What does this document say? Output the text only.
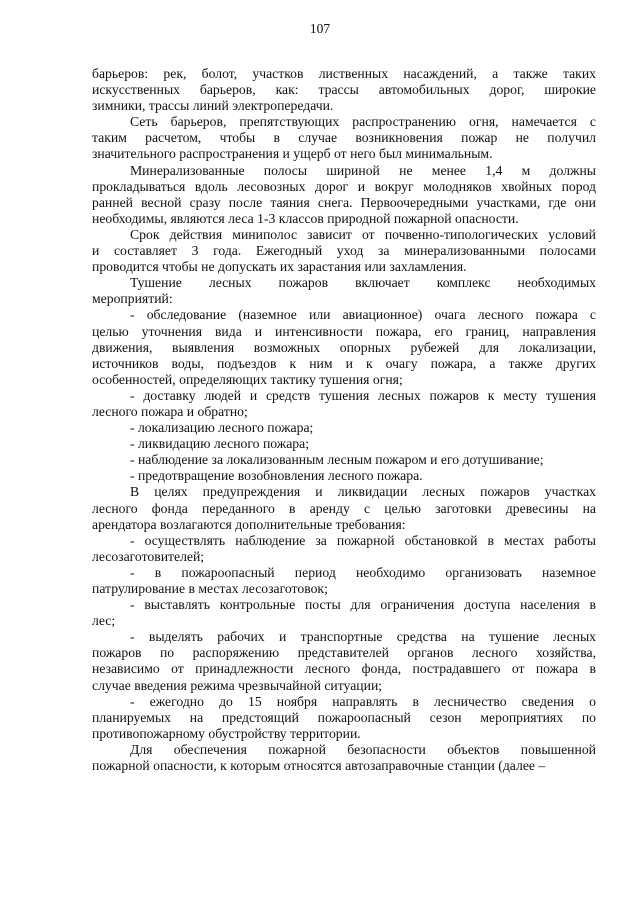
107
барьеров: рек, болот, участков лиственных насаждений, а также таких
искусственных барьеров, как: трассы автомобильных дорог, широкие
зимники, трассы линий электропередачи.
Сеть барьеров, препятствующих распространению огня, намечается с
таким расчетом, чтобы в случае возникновения пожар не получил
значительного распространения и ущерб от него был минимальным.
Минерализованные полосы шириной не менее 1,4 м должны
прокладываться вдоль лесовозных дорог и вокруг молодняков хвойных пород
ранней весной сразу после таяния снега. Первоочередными участками, где они
необходимы, являются леса 1-3 классов природной пожарной опасности.
Срок действия миниполос зависит от почвенно-типологических условий
и составляет 3 года. Ежегодный уход за минерализованными полосами
проводится чтобы не допускать их зарастания или захламления.
Тушение лесных пожаров включает комплекс необходимых
мероприятий:
- обследование (наземное или авиационное) очага лесного пожара с
целью уточнения вида и интенсивности пожара, его границ, направления
движения, выявления возможных опорных рубежей для локализации,
источников воды, подъездов к ним и к очагу пожара, а также других
особенностей, определяющих тактику тушения огня;
- доставку людей и средств тушения лесных пожаров к месту тушения
лесного пожара и обратно;
- локализацию лесного пожара;
- ликвидацию лесного пожара;
- наблюдение за локализованным лесным пожаром и его дотушивание;
- предотвращение возобновления лесного пожара.
В целях предупреждения и ликвидации лесных пожаров участках
лесного фонда переданного в аренду с целью заготовки древесины на
арендатора возлагаются дополнительные требования:
- осуществлять наблюдение за пожарной обстановкой в местах работы
лесозаготовителей;
- в пожароопасный период необходимо организовать наземное
патрулирование в местах лесозаготовок;
- выставлять контрольные посты для ограничения доступа населения в
лес;
- выделять рабочих и транспортные средства на тушение лесных
пожаров по распоряжению представителей органов лесного хозяйства,
независимо от принадлежности лесного фонда, пострадавшего от пожара в
случае введения режима чрезвычайной ситуации;
- ежегодно до 15 ноября направлять в лесничество сведения о
планируемых на предстоящий пожароопасный сезон мероприятиях по
противопожарному обустройству территории.
Для обеспечения пожарной безопасности объектов повышенной
пожарной опасности, к которым относятся автозаправочные станции (далее –
